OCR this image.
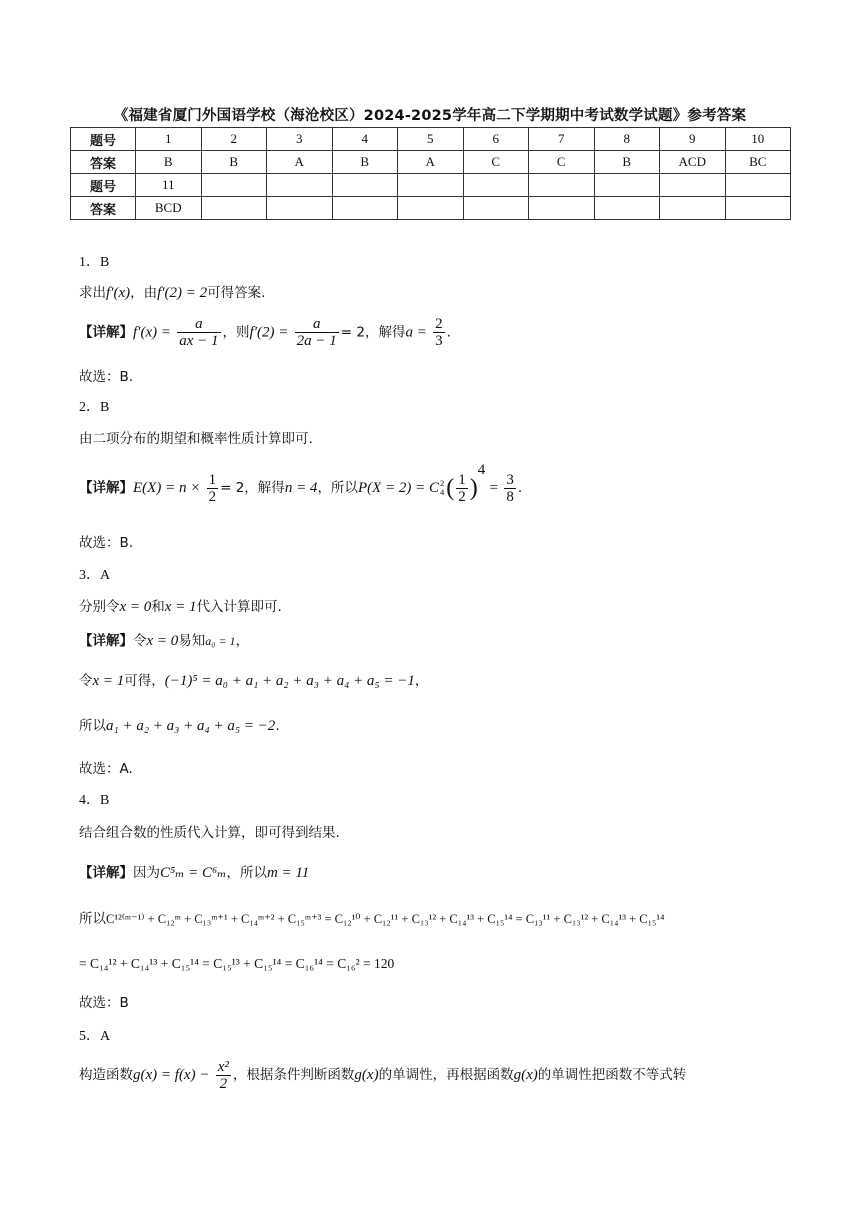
《福建省厦门外国语学校（海沧校区）2024-2025学年高二下学期期中考试数学试题》参考答案
题号	1	2	3	4	5	6	7	8	9	10
答案	B	B	A	B	A	C	C	B	ACD	BC
题号	11									
答案	BCD									
1．B
求出f′(x)，由f′(2) = 2可得答案.
【详解】$f'(x) = \frac{a}{ax - 1}$ ，则$f'(2) = \frac{a}{2a - 1} = 2$，解得$a = \frac{2}{3}$ .
故选：B.
2．B
由二项分布的期望和概率性质计算即可.
【详解】$E(X) = n \times \frac{1}{2} = 2$，解得n = 4，所以P(X = 2) = C 2
4 ( $\frac{1}{2} )^4 = \frac{3}{8}$ .
故选：B.
3．A
分别令x = 0和x = 1代入计算即可.
【详解】令x = 0易知a₀ = 1，
令x = 1可得，(−1)⁵ = a₀ + a₁ + a₂ + a₃ + a₄ + a₅ = −1，
所以a₁ + a₂ + a₃ + a₄ + a₅ = −2.
故选：A.
4．B
结合组合数的性质代入计算，即可得到结果.
【详解】因为C⁵ₘ = C⁶ₘ，所以m = 11
所以C¹²⁽ᵐ⁻¹⁾ + C₁₂ᵐ + C₁₃ᵐ⁺¹ + C₁₄ᵐ⁺² + C₁₅ᵐ⁺³ = C₁₂¹⁰ + C₁₂¹¹ + C₁₃¹² + C₁₄¹³ + C₁₅¹⁴ = C₁₃¹¹ + C₁₃¹² + C₁₄¹³ + C₁₅¹⁴
= C₁₄¹² + C₁₄¹³ + C₁₅¹⁴ = C₁₅¹³ + C₁₅¹⁴ = C₁₆¹⁴ = C₁₆² = 120
故选：B
5．A
构造函数$g(x) = f(x) - \frac{\text{x²}}{2}$ ，根据条件判断函数g(x)的单调性，再根据函数g(x)的单调性把函数不等式转
